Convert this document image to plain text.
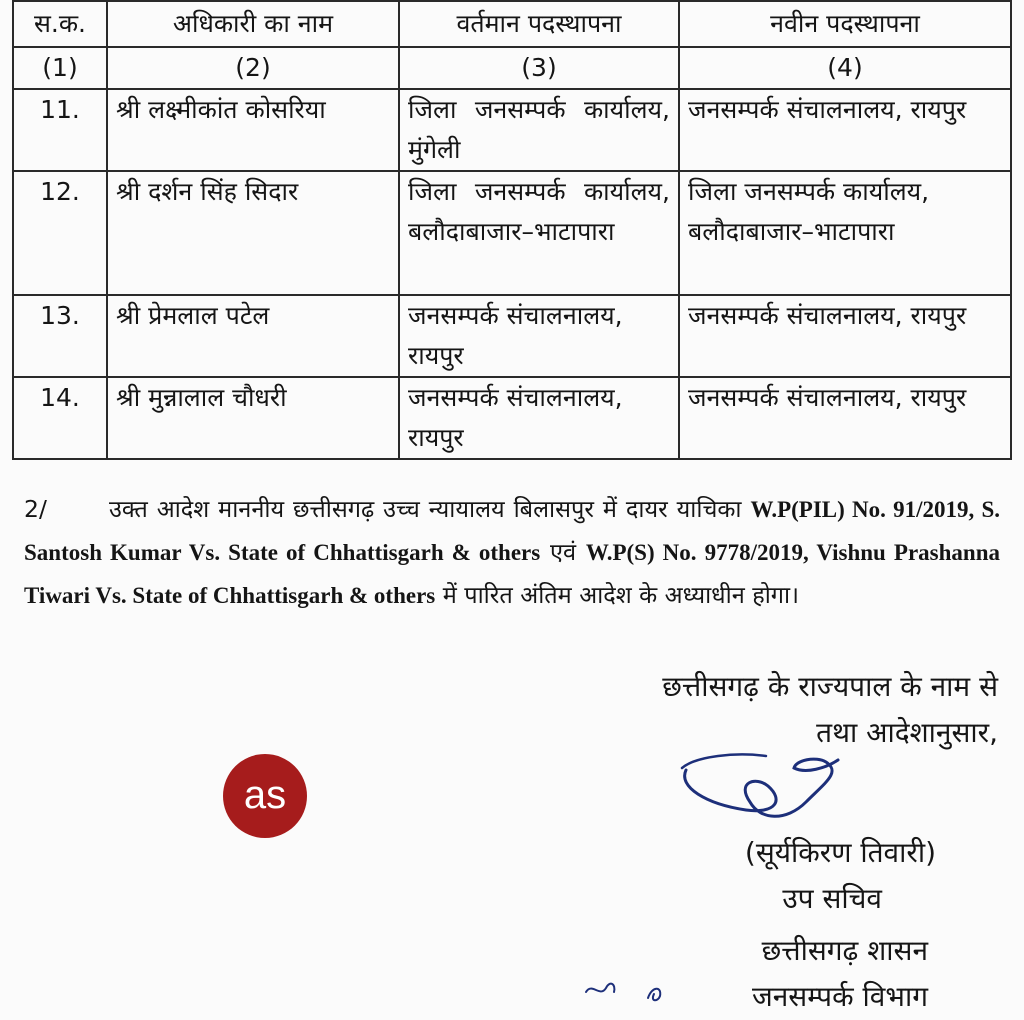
स.क.	अधिकारी का नाम	वर्तमान पदस्थापना	नवीन पदस्थापना
(1)	(2)	(3)	(4)
11.	श्री लक्ष्मीकांत कोसरिया	जिला जनसम्पर्क कार्यालय, मुंगेली	जनसम्पर्क संचालनालय, रायपुर
12.	श्री दर्शन सिंह सिदार	जिला जनसम्पर्क कार्यालय, बलौदाबाजार–भाटापारा	जिला जनसम्पर्क कार्यालय, बलौदाबाजार–भाटापारा
13.	श्री प्रेमलाल पटेल	जनसम्पर्क संचालनालय, रायपुर	जनसम्पर्क संचालनालय, रायपुर
14.	श्री मुन्नालाल चौधरी	जनसम्पर्क संचालनालय, रायपुर	जनसम्पर्क संचालनालय, रायपुर
2/	उक्त आदेश माननीय छत्तीसगढ़ उच्च न्यायालय बिलासपुर में दायर याचिका W.P(PIL) No. 91/2019, S. Santosh Kumar Vs. State of Chhattisgarh & others एवं W.P(S) No. 9778/2019, Vishnu Prashanna Tiwari Vs. State of Chhattisgarh & others में पारित अंतिम आदेश के अध्याधीन होगा।
छत्तीसगढ़ के राज्यपाल के नाम से
तथा आदेशानुसार,
(सूर्यकिरण तिवारी)
उप सचिव
छत्तीसगढ़ शासन
जनसम्पर्क विभाग
as
